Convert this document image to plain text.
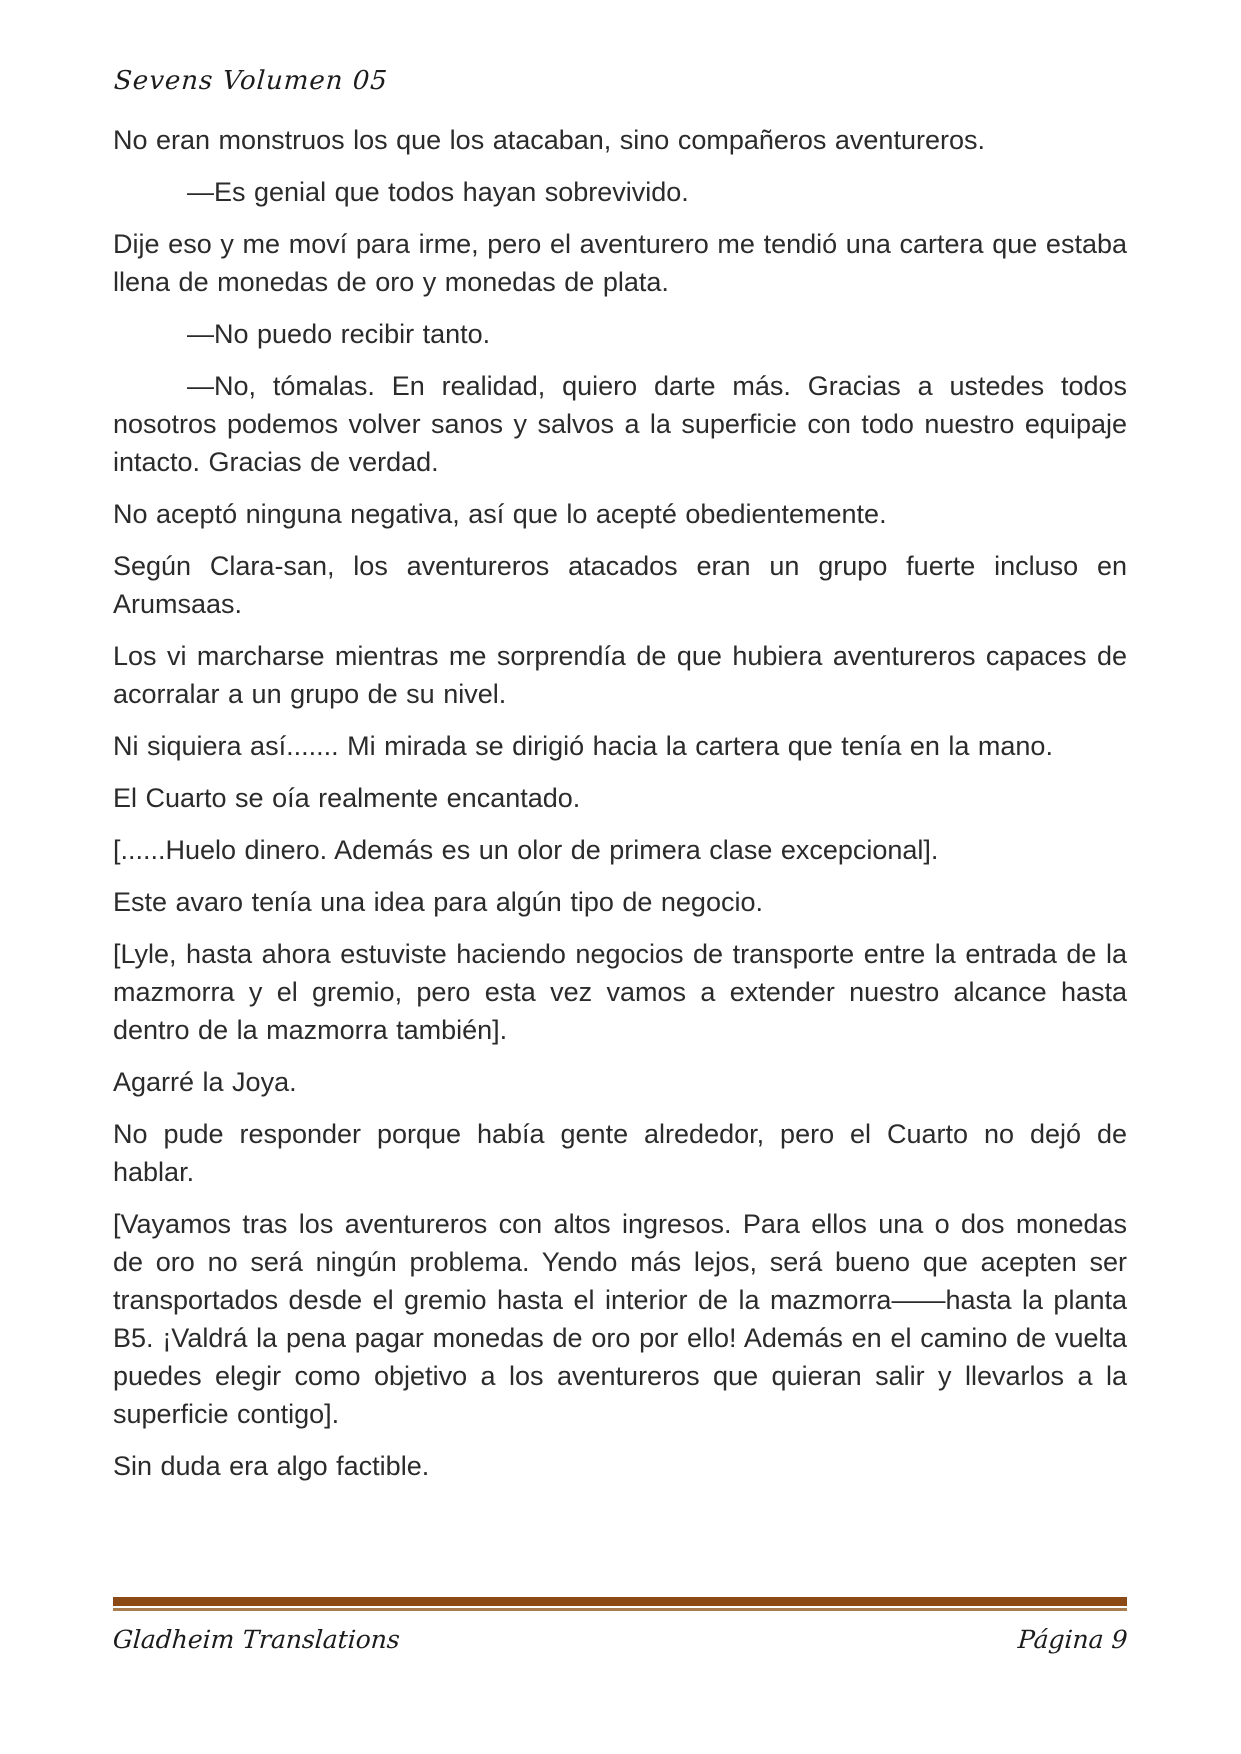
Sevens Volumen 05

No eran monstruos los que los atacaban, sino compañeros aventureros.

—Es genial que todos hayan sobrevivido.

Dije eso y me moví para irme, pero el aventurero me tendió una cartera que estaba llena de monedas de oro y monedas de plata.

—No puedo recibir tanto.

—No, tómalas. En realidad, quiero darte más. Gracias a ustedes todos nosotros podemos volver sanos y salvos a la superficie con todo nuestro equipaje intacto. Gracias de verdad.

No aceptó ninguna negativa, así que lo acepté obedientemente.

Según Clara-san, los aventureros atacados eran un grupo fuerte incluso en Arumsaas.

Los vi marcharse mientras me sorprendía de que hubiera aventureros capaces de acorralar a un grupo de su nivel.

Ni siquiera así....... Mi mirada se dirigió hacia la cartera que tenía en la mano.

El Cuarto se oía realmente encantado.

[......Huelo dinero. Además es un olor de primera clase excepcional].

Este avaro tenía una idea para algún tipo de negocio.

[Lyle, hasta ahora estuviste haciendo negocios de transporte entre la entrada de la mazmorra y el gremio, pero esta vez vamos a extender nuestro alcance hasta dentro de la mazmorra también].

Agarré la Joya.

No pude responder porque había gente alrededor, pero el Cuarto no dejó de hablar.

[Vayamos tras los aventureros con altos ingresos. Para ellos una o dos monedas de oro no será ningún problema. Yendo más lejos, será bueno que acepten ser transportados desde el gremio hasta el interior de la mazmorra——hasta la planta B5. ¡Valdrá la pena pagar monedas de oro por ello! Además en el camino de vuelta puedes elegir como objetivo a los aventureros que quieran salir y llevarlos a la superficie contigo].

Sin duda era algo factible.

Gladheim Translations	Página 9
